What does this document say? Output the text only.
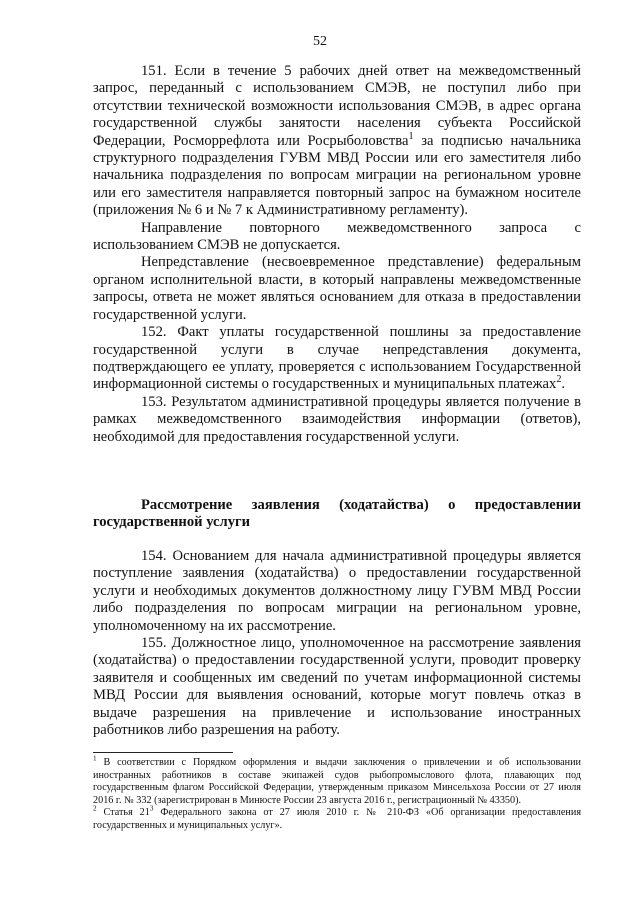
52

151. Если в течение 5 рабочих дней ответ на межведомственный запрос, переданный с использованием СМЭВ, не поступил либо при отсутствии технической возможности использования СМЭВ, в адрес органа государственной службы занятости населения субъекта Российской Федерации, Росморрефлота или Росрыболовства$^1$ за подписью начальника структурного подразделения ГУВМ МВД России или его заместителя либо начальника подразделения по вопросам миграции на региональном уровне или его заместителя направляется повторный запрос на бумажном носителе (приложения № 6 и № 7 к Административному регламенту).

Направление повторного межведомственного запроса с использованием СМЭВ не допускается.

Непредставление (несвоевременное представление) федеральным органом исполнительной власти, в который направлены межведомственные запросы, ответа не может являться основанием для отказа в предоставлении государственной услуги.

152. Факт уплаты государственной пошлины за предоставление государственной услуги в случае непредставления документа, подтверждающего ее уплату, проверяется с использованием Государственной информационной системы о государственных и муниципальных платежах$^2$.

153. Результатом административной процедуры является получение в рамках межведомственного взаимодействия информации (ответов), необходимой для предоставления государственной услуги.

Рассмотрение заявления (ходатайства) о предоставлении государственной услуги

154. Основанием для начала административной процедуры является поступление заявления (ходатайства) о предоставлении государственной услуги и необходимых документов должностному лицу ГУВМ МВД России либо подразделения по вопросам миграции на региональном уровне, уполномоченному на их рассмотрение.

155. Должностное лицо, уполномоченное на рассмотрение заявления (ходатайства) о предоставлении государственной услуги, проводит проверку заявителя и сообщенных им сведений по учетам информационной системы МВД России для выявления оснований, которые могут повлечь отказ в выдаче разрешения на привлечение и использование иностранных работников либо разрешения на работу.

$^1$ В соответствии с Порядком оформления и выдачи заключения о привлечении и об использовании иностранных работников в составе экипажей судов рыбопромыслового флота, плавающих под государственным флагом Российской Федерации, утвержденным приказом Минсельхоза России от 27 июля 2016 г. № 332 (зарегистрирован в Минюсте России 23 августа 2016 г., регистрационный № 43350).

$^2$ Статья $21^3$ Федерального закона от 27 июля 2010 г. № 210-ФЗ «Об организации предоставления государственных и муниципальных услуг».
